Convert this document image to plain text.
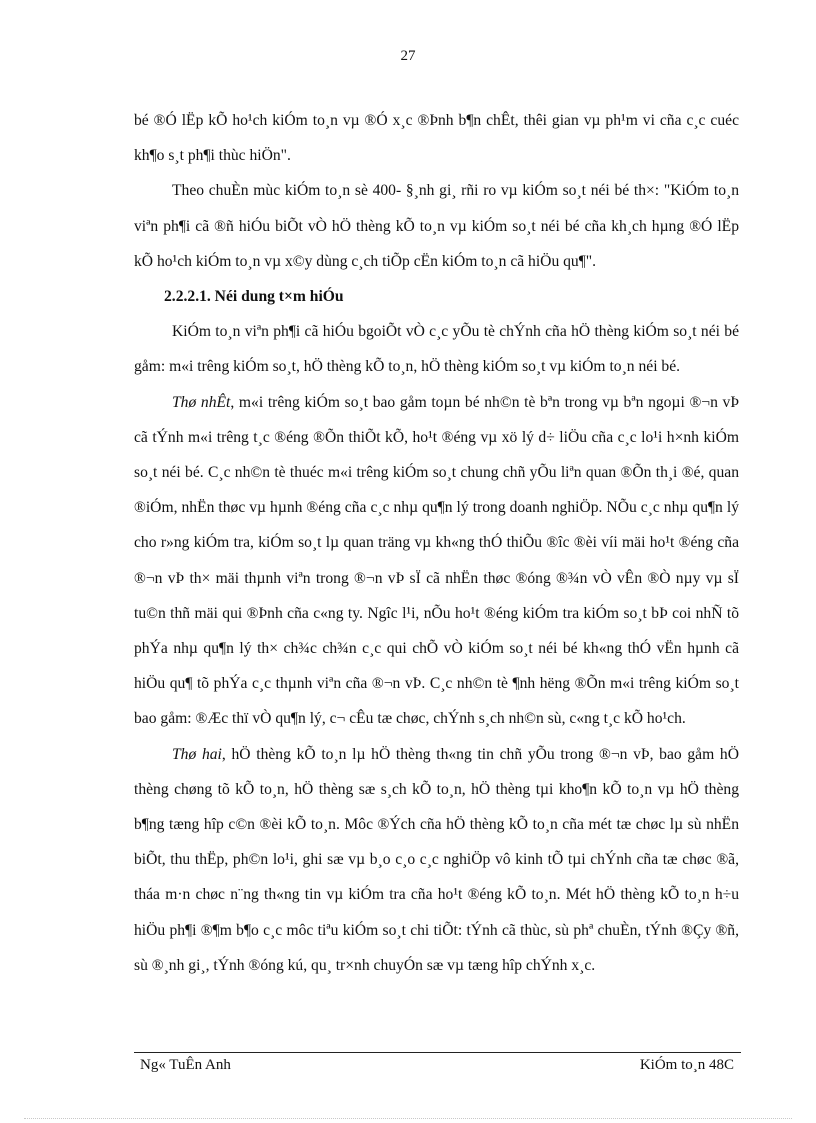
27

bé ®Ó lËp kÕ ho¹ch kiÓm to¸n vµ ®Ó x¸c ®Þnh b¶n chÊt, thêi gian vµ ph¹m vi cña c¸c cuéc kh¶o s¸t ph¶i thùc hiÖn".

Theo chuÈn mùc kiÓm to¸n sè 400- §¸nh gi¸ rñi ro vµ kiÓm so¸t néi bé th×: "KiÓm to¸n viªn ph¶i cã ®ñ hiÓu biÕt vÒ hÖ thèng kÕ to¸n vµ kiÓm so¸t néi bé cña kh¸ch hµng ®Ó lËp kÕ ho¹ch kiÓm to¸n vµ x©y dùng c¸ch tiÕp cËn kiÓm to¸n cã hiÖu qu¶".

2.2.2.1. Néi dung t×m hiÓu

KiÓm to¸n viªn ph¶i cã hiÓu bgoiÕt vÒ c¸c yÕu tè chÝnh cña hÖ thèng kiÓm so¸t néi bé gåm: m«i trêng kiÓm so¸t, hÖ thèng kÕ to¸n, hÖ thèng kiÓm so¸t vµ kiÓm to¸n néi bé.

Thø nhÊt, m«i trêng kiÓm so¸t bao gåm toµn bé nh©n tè bªn trong vµ bªn ngoµi ®¬n vÞ cã tÝnh m«i trêng t¸c ®éng ®Õn thiÕt kÕ, ho¹t ®éng vµ xö lý d÷ liÖu cña c¸c lo¹i h×nh kiÓm so¸t néi bé. C¸c nh©n tè thuéc m«i trêng kiÓm so¸t chung chñ yÕu liªn quan ®Õn th¸i ®é, quan ®iÓm, nhËn thøc vµ hµnh ®éng cña c¸c nhµ qu¶n lý trong doanh nghiÖp. NÕu c¸c nhµ qu¶n lý cho r»ng kiÓm tra, kiÓm so¸t lµ quan träng vµ kh«ng thÓ thiÕu ®îc ®èi víi mäi ho¹t ®éng cña ®¬n vÞ th× mäi thµnh viªn trong ®¬n vÞ sÏ cã nhËn thøc ®óng ®¾n vÒ vÊn ®Ò nµy vµ sÏ tu©n thñ mäi qui ®Þnh cña c«ng ty. Ngîc l¹i, nÕu ho¹t ®éng kiÓm tra kiÓm so¸t bÞ coi nhÑ tõ phÝa nhµ qu¶n lý th× ch¾c ch¾n c¸c qui chÕ vÒ kiÓm so¸t néi bé kh«ng thÓ vËn hµnh cã hiÖu qu¶ tõ phÝa c¸c thµnh viªn cña ®¬n vÞ. C¸c nh©n tè ¶nh hëng ®Õn m«i trêng kiÓm so¸t bao gåm: ®Æc thï vÒ qu¶n lý, c¬ cÊu tæ chøc, chÝnh s¸ch nh©n sù, c«ng t¸c kÕ ho¹ch.

Thø hai, hÖ thèng kÕ to¸n lµ hÖ thèng th«ng tin chñ yÕu trong ®¬n vÞ, bao gåm hÖ thèng chøng tõ kÕ to¸n, hÖ thèng sæ s¸ch kÕ to¸n, hÖ thèng tµi kho¶n kÕ to¸n vµ hÖ thèng b¶ng tæng hîp c©n ®èi kÕ to¸n. Môc ®Ých cña hÖ thèng kÕ to¸n cña mét tæ chøc lµ sù nhËn biÕt, thu thËp, ph©n lo¹i, ghi sæ vµ b¸o c¸o c¸c nghiÖp vô kinh tÕ tµi chÝnh cña tæ chøc ®ã, tháa m·n chøc n¨ng th«ng tin vµ kiÓm tra cña ho¹t ®éng kÕ to¸n. Mét hÖ thèng kÕ to¸n h÷u hiÖu ph¶i ®¶m b¶o c¸c môc tiªu kiÓm so¸t chi tiÕt: tÝnh cã thùc, sù phª chuÈn, tÝnh ®Çy ®ñ, sù ®¸nh gi¸, tÝnh ®óng kú, qu¸ tr×nh chuyÓn sæ vµ tæng hîp chÝnh x¸c.

Ng« TuÊn Anh	KiÓm to¸n 48C
